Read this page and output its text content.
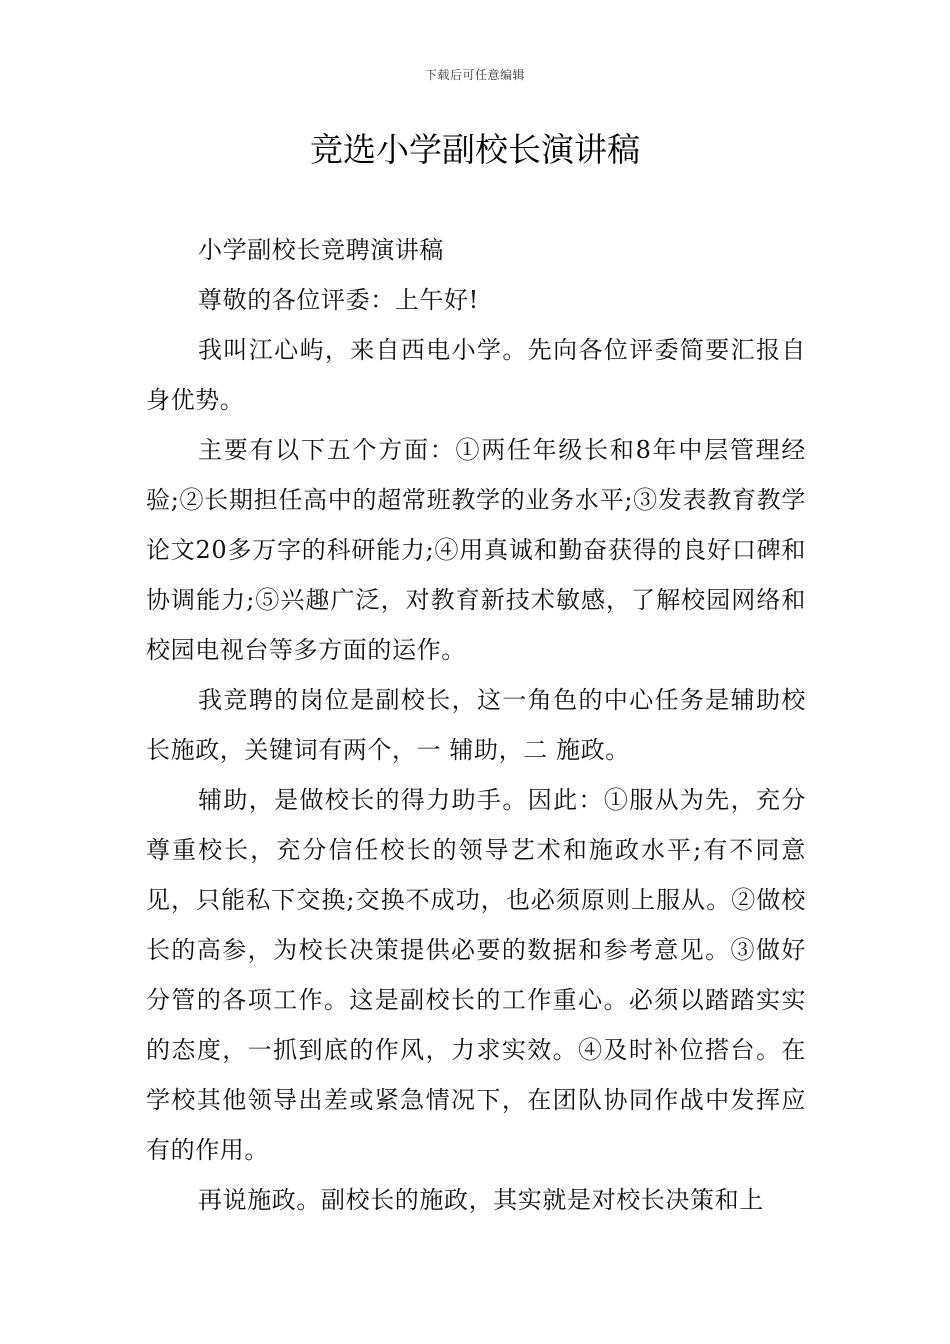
下载后可任意编辑
竞选小学副校长演讲稿

小学副校长竞聘演讲稿

尊敬的各位评委：上午好!

我叫江心屿，来自西电小学。先向各位评委简要汇报自身优势。

主要有以下五个方面：①两任年级长和8年中层管理经验;②长期担任高中的超常班教学的业务水平;③发表教育教学论文20多万字的科研能力;④用真诚和勤奋获得的良好口碑和协调能力;⑤兴趣广泛，对教育新技术敏感，了解校园网络和校园电视台等多方面的运作。

我竞聘的岗位是副校长，这一角色的中心任务是辅助校长施政，关键词有两个，一 辅助，二 施政。

辅助，是做校长的得力助手。因此：①服从为先，充分尊重校长，充分信任校长的领导艺术和施政水平;有不同意见，只能私下交换;交换不成功，也必须原则上服从。②做校长的高参，为校长决策提供必要的数据和参考意见。③做好分管的各项工作。这是副校长的工作重心。必须以踏踏实实的态度，一抓到底的作风，力求实效。④及时补位搭台。在学校其他领导出差或紧急情况下，在团队协同作战中发挥应有的作用。

再说施政。副校长的施政，其实就是对校长决策和上
